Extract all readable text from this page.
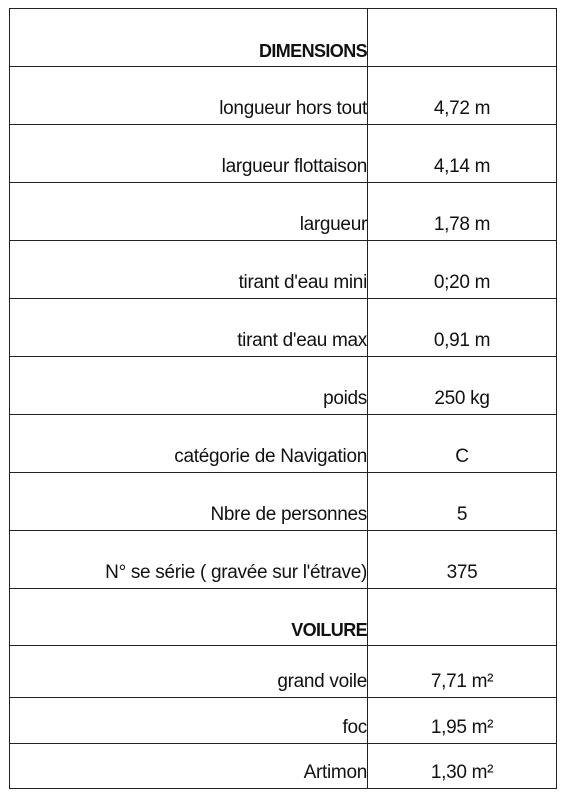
DIMENSIONS	
longueur hors tout	4,72 m
largueur flottaison	4,14 m
largueur	1,78 m
tirant d'eau mini	0;20 m
tirant d'eau max	0,91 m
poids	250 kg
catégorie de Navigation	C
Nbre de personnes	5
N° se série ( gravée sur l'étrave)	375
VOILURE	
grand voile	7,71 m²
foc	1,95 m²
Artimon	1,30 m²
